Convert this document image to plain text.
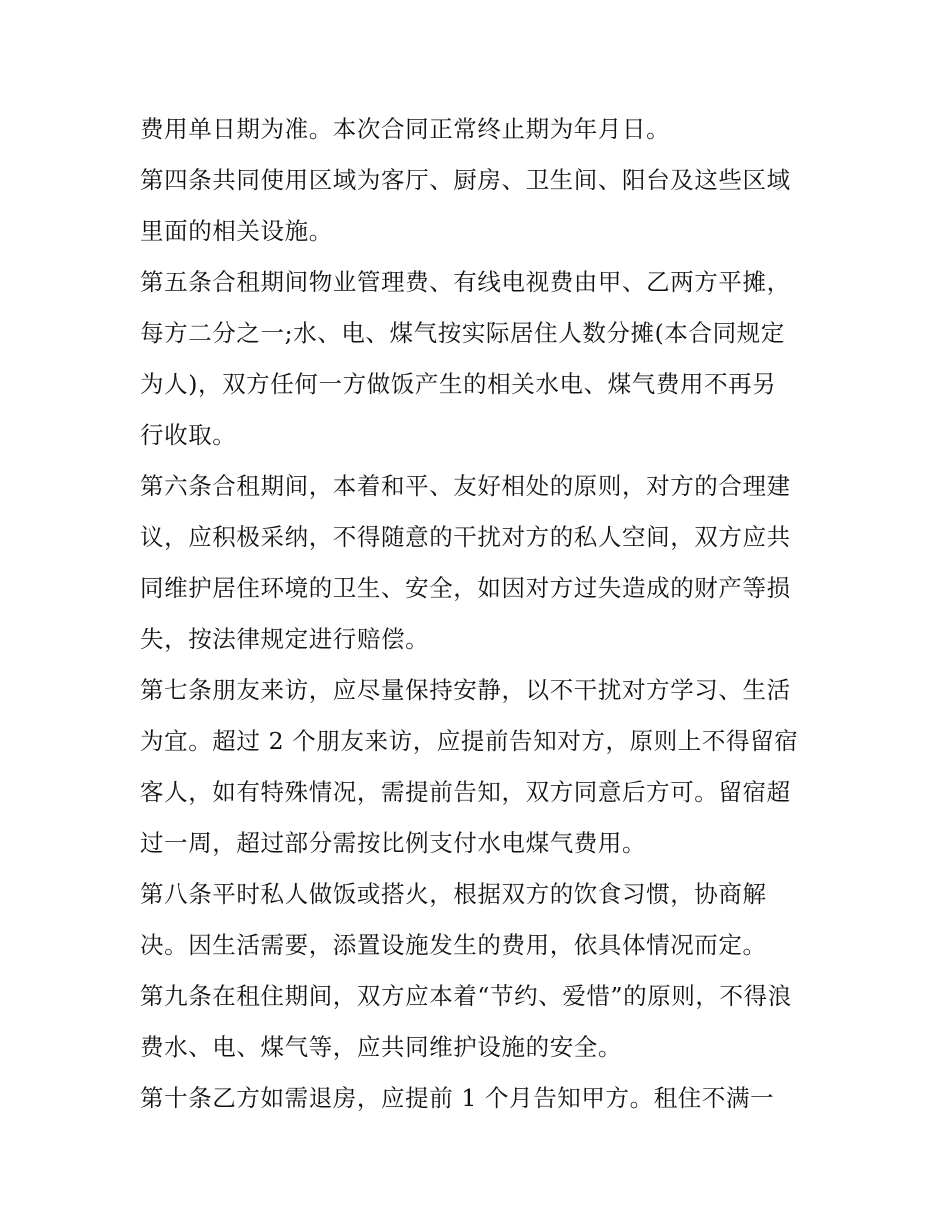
费用单日期为准。本次合同正常终止期为年月日。
第四条共同使用区域为客厅、厨房、卫生间、阳台及这些区域
里面的相关设施。
第五条合租期间物业管理费、有线电视费由甲、乙两方平摊，
每方二分之一;水、电、煤气按实际居住人数分摊(本合同规定
为人)，双方任何一方做饭产生的相关水电、煤气费用不再另
行收取。
第六条合租期间，本着和平、友好相处的原则，对方的合理建
议，应积极采纳，不得随意的干扰对方的私人空间，双方应共
同维护居住环境的卫生、安全，如因对方过失造成的财产等损
失，按法律规定进行赔偿。
第七条朋友来访，应尽量保持安静，以不干扰对方学习、生活
为宜。超过 2 个朋友来访，应提前告知对方，原则上不得留宿
客人，如有特殊情况，需提前告知，双方同意后方可。留宿超
过一周，超过部分需按比例支付水电煤气费用。
第八条平时私人做饭或搭火，根据双方的饮食习惯，协商解
决。因生活需要，添置设施发生的费用，依具体情况而定。
第九条在租住期间，双方应本着“节约、爱惜”的原则，不得浪
费水、电、煤气等，应共同维护设施的安全。
第十条乙方如需退房，应提前 1 个月告知甲方。租住不满一
